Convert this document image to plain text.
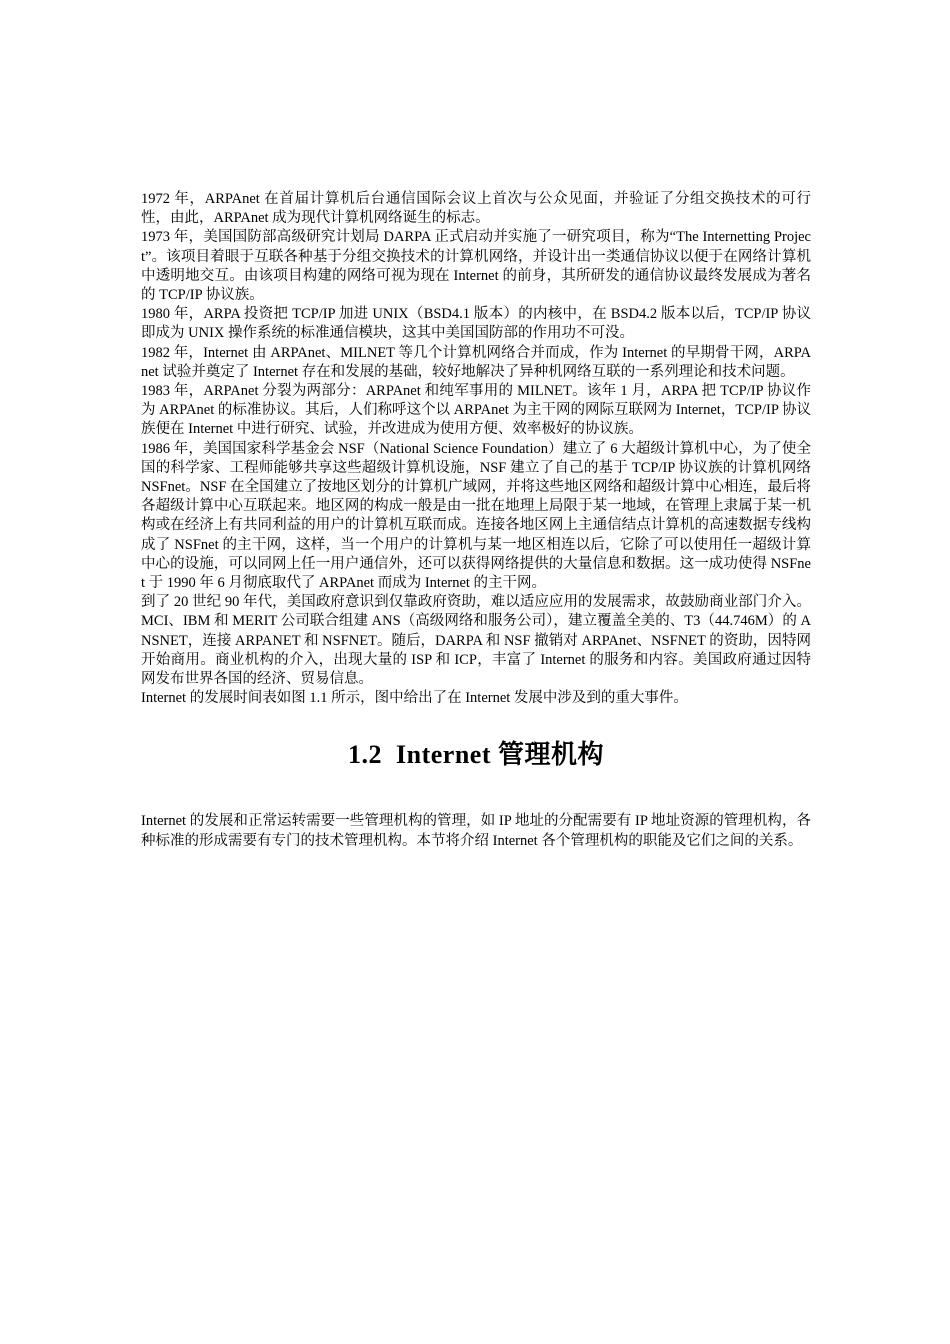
1972 年，ARPAnet 在首届计算机后台通信国际会议上首次与公众见面，并验证了分组交换技术的可行性，由此，ARPAnet 成为现代计算机网络诞生的标志。

1973 年，美国国防部高级研究计划局 DARPA 正式启动并实施了一研究项目，称为“The Internetting Project”。该项目着眼于互联各种基于分组交换技术的计算机网络，并设计出一类通信协议以便于在网络计算机中透明地交互。由该项目构建的网络可视为现在 Internet 的前身，其所研发的通信协议最终发展成为著名的 TCP/IP 协议族。

1980 年，ARPA 投资把 TCP/IP 加进 UNIX（BSD4.1 版本）的内核中，在 BSD4.2 版本以后，TCP/IP 协议即成为 UNIX 操作系统的标准通信模块，这其中美国国防部的作用功不可没。

1982 年，Internet 由 ARPAnet、MILNET 等几个计算机网络合并而成，作为 Internet 的早期骨干网，ARPAnet 试验并奠定了 Internet 存在和发展的基础，较好地解决了异种机网络互联的一系列理论和技术问题。

1983 年，ARPAnet 分裂为两部分：ARPAnet 和纯军事用的 MILNET。该年 1 月，ARPA 把 TCP/IP 协议作为 ARPAnet 的标准协议。其后，人们称呼这个以 ARPAnet 为主干网的网际互联网为 Internet，TCP/IP 协议族便在 Internet 中进行研究、试验，并改进成为使用方便、效率极好的协议族。

1986 年，美国国家科学基金会 NSF（National Science Foundation）建立了 6 大超级计算机中心，为了使全国的科学家、工程师能够共享这些超级计算机设施，NSF 建立了自己的基于 TCP/IP 协议族的计算机网络 NSFnet。NSF 在全国建立了按地区划分的计算机广域网，并将这些地区网络和超级计算中心相连，最后将各超级计算中心互联起来。地区网的构成一般是由一批在地理上局限于某一地域，在管理上隶属于某一机构或在经济上有共同利益的用户的计算机互联而成。连接各地区网上主通信结点计算机的高速数据专线构成了 NSFnet 的主干网，这样，当一个用户的计算机与某一地区相连以后，它除了可以使用任一超级计算中心的设施，可以同网上任一用户通信外，还可以获得网络提供的大量信息和数据。这一成功使得 NSFnet 于 1990 年 6 月彻底取代了 ARPAnet 而成为 Internet 的主干网。

到了 20 世纪 90 年代，美国政府意识到仅靠政府资助，难以适应应用的发展需求，故鼓励商业部门介入。MCI、IBM 和 MERIT 公司联合组建 ANS（高级网络和服务公司），建立覆盖全美的、T3（44.746M）的 ANSNET，连接 ARPANET 和 NSFNET。随后，DARPA 和 NSF 撤销对 ARPAnet、NSFNET 的资助，因特网开始商用。商业机构的介入，出现大量的 ISP 和 ICP，丰富了 Internet 的服务和内容。美国政府通过因特网发布世界各国的经济、贸易信息。

Internet 的发展时间表如图 1.1 所示，图中给出了在 Internet 发展中涉及到的重大事件。

1.2 Internet 管理机构

Internet 的发展和正常运转需要一些管理机构的管理，如 IP 地址的分配需要有 IP 地址资源的管理机构，各种标准的形成需要有专门的技术管理机构。本节将介绍 Internet 各个管理机构的职能及它们之间的关系。
